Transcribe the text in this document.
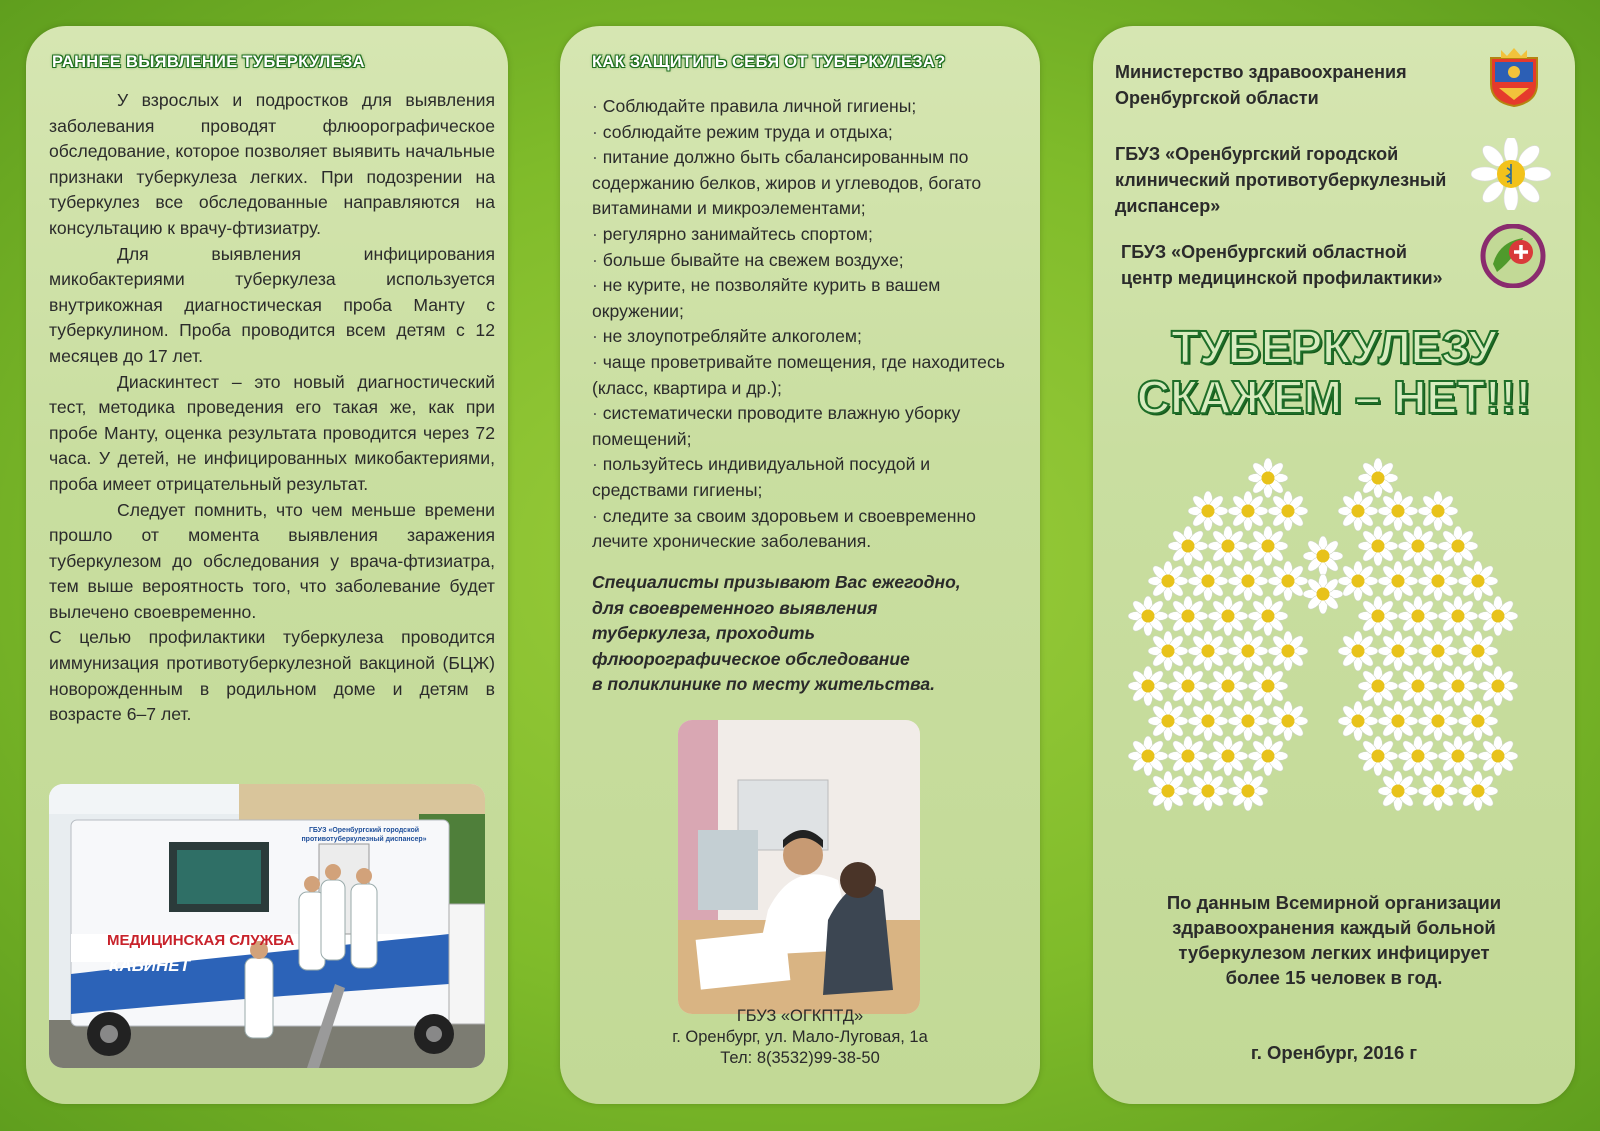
РАННЕЕ ВЫЯВЛЕНИЕ ТУБЕРКУЛЕЗА

У взрослых и подростков для выявления заболевания проводят флюорографическое обследование, которое позволяет выявить начальные признаки туберкулеза легких. При подозрении на туберкулез все обследованные направляются на консультацию к врачу-фтизиатру.

Для выявления инфицирования микобактериями туберкулеза используется внутрикожная диагностическая проба Манту с туберкулином. Проба проводится всем детям с 12 месяцев до 17 лет.

Диаскинтест – это новый диагностический тест, методика проведения его такая же, как при пробе Манту, оценка результата проводится через 72 часа. У детей, не инфицированных микобактериями, проба имеет отрицательный результат.

Следует помнить, что чем меньше времени прошло от момента выявления заражения туберкулезом до обследования у врача-фтизиатра, тем выше вероятность того, что заболевание будет вылечено своевременно.

С целью профилактики туберкулеза проводится иммунизация противотуберкулезной вакциной (БЦЖ) новорожденным в родильном доме и детям в возрасте 6–7 лет.

ГБУЗ «Оренбургский городской противотуберкулезный диспансер»
МЕДИЦИНСКАЯ СЛУЖБА
КАБИНЕТ
КАК ЗАЩИТИТЬ СЕБЯ ОТ ТУБЕРКУЛЕЗА?
· Соблюдайте правила личной гигиены;
· соблюдайте режим труда и отдыха;
· питание должно быть сбалансированным по содержанию белков, жиров и углеводов, богато витаминами и микроэлементами;
· регулярно занимайтесь спортом;
· больше бывайте на свежем воздухе;
· не курите, не позволяйте курить в вашем окружении;
· не злоупотребляйте алкоголем;
· чаще проветривайте помещения, где находитесь (класс, квартира и др.);
· систематически проводите влажную уборку помещений;
· пользуйтесь индивидуальной посудой и средствами гигиены;
· следите за своим здоровьем и своевременно лечите хронические заболевания.
Специалисты призывают Вас ежегодно,
для своевременного выявления
туберкулеза, проходить
флюорографическое обследование
в поликлинике по месту жительства.
ГБУЗ «ОГКПТД»
г. Оренбург, ул. Мало-Луговая, 1а
Тел: 8(3532)99-38-50
Министерство здравоохранения
Оренбургской области
ГБУЗ «Оренбургский городской
клинический противотуберкулезный
диспансер»
ГБУЗ «Оренбургский областной
центр медицинской профилактики»
ТУБЕРКУЛЕЗУ
СКАЖЕМ – НЕТ!!!
По данным Всемирной организации
здравоохранения каждый больной
туберкулезом легких инфицирует
более 15 человек в год.
г. Оренбург, 2016 г
